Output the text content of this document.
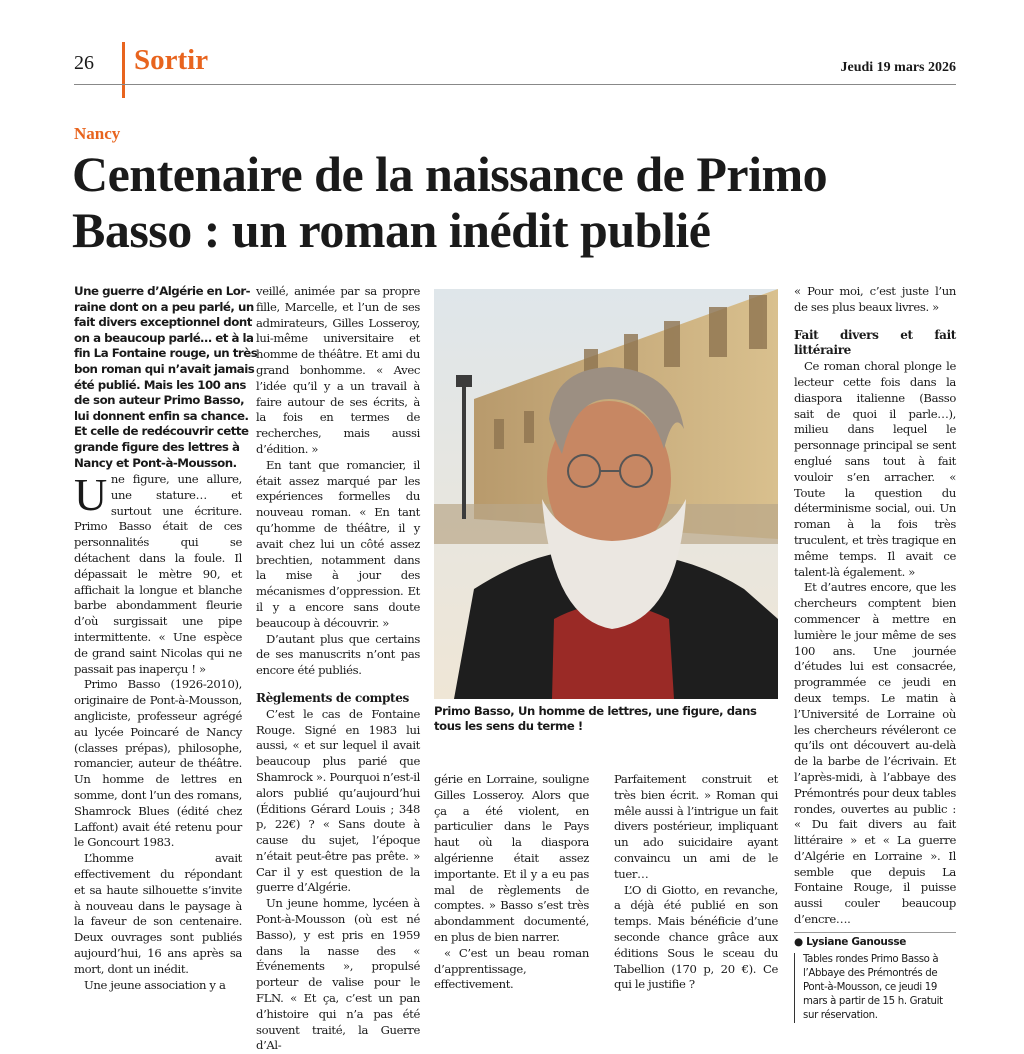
26 Sortir	Jeudi 19 mars 2026
Nancy
Centenaire de la naissance de Primo Basso : un roman inédit publié
Une guerre d’Algérie en Lor-
raine dont on a peu parlé, un
fait divers exceptionnel dont
on a beaucoup parlé… et à la
fin La Fontaine rouge, un très
bon roman qui n’avait jamais
été publié. Mais les 100 ans
de son auteur Primo Basso,
lui donnent enfin sa chance.
Et celle de redécouvrir cette
grande figure des lettres à
Nancy et Pont-à-Mousson.

Une figure, une allure, une stature… et surtout une écriture. Primo Basso était de ces personnalités qui se détachent dans la foule. Il dépassait le mètre 90, et affichait la longue et blanche barbe abondamment fleurie d’où surgissait une pipe intermittente. « Une espèce de grand saint Nicolas qui ne passait pas inaperçu ! »

Primo Basso (1926-2010), originaire de Pont-à-Mousson, angliciste, professeur agrégé au lycée Poincaré de Nancy (classes prépas), philosophe, romancier, auteur de théâtre. Un homme de lettres en somme, dont l’un des romans, Shamrock Blues (édité chez Laffont) avait été retenu pour le Goncourt 1983.

L’homme avait effectivement du répondant et sa haute silhouette s’invite à nouveau dans le paysage à la faveur de son centenaire. Deux ouvrages sont publiés aujourd’hui, 16 ans après sa mort, dont un inédit.

Une jeune association y a

veillé, animée par sa propre fille, Marcelle, et l’un de ses admirateurs, Gilles Losseroy, lui-même universitaire et homme de théâtre. Et ami du grand bonhomme. « Avec l’idée qu’il y a un travail à faire autour de ses écrits, à la fois en termes de recherches, mais aussi d’édition. »

En tant que romancier, il était assez marqué par les expériences formelles du nouveau roman. « En tant qu’homme de théâtre, il y avait chez lui un côté assez brechtien, notamment dans la mise à jour des mécanismes d’oppression. Et il y a encore sans doute beaucoup à découvrir. »

D’autant plus que certains de ses manuscrits n’ont pas encore été publiés.

Règlements de comptes

C’est le cas de Fontaine Rouge. Signé en 1983 lui aussi, « et sur lequel il avait beaucoup plus parié que Shamrock ». Pourquoi n’est-il alors publié qu’aujourd’hui (Éditions Gérard Louis ; 348 p, 22€) ? « Sans doute à cause du sujet, l’époque n’était peut-être pas prête. » Car il y est question de la guerre d’Algérie.

Un jeune homme, lycéen à Pont-à-Mousson (où est né Basso), y est pris en 1959 dans la nasse des « Événements », propulsé porteur de valise pour le FLN. « Et ça, c’est un pan d’histoire qui n’a pas été souvent traité, la Guerre d’Al-

Primo Basso, Un homme de lettres, une figure, dans tous les sens du terme !

gérie en Lorraine, souligne Gilles Losseroy. Alors que ça a été violent, en particulier dans le Pays haut où la diaspora algérienne était assez importante. Et il y a eu pas mal de règlements de comptes. » Basso s’est très abondamment documenté, en plus de bien narrer.

« C’est un beau roman d’apprentissage, effectivement.

Parfaitement construit et très bien écrit. » Roman qui mêle aussi à l’intrigue un fait divers postérieur, impliquant un ado suicidaire ayant convaincu un ami de le tuer…

L’O di Giotto, en revanche, a déjà été publié en son temps. Mais bénéficie d’une seconde chance grâce aux éditions Sous le sceau du Tabellion (170 p, 20 €). Ce qui le justifie ?

« Pour moi, c’est juste l’un de ses plus beaux livres. »

Fait divers et fait littéraire

Ce roman choral plonge le lecteur cette fois dans la diaspora italienne (Basso sait de quoi il parle…), milieu dans lequel le personnage principal se sent englué sans tout à fait vouloir s’en arracher. « Toute la question du déterminisme social, oui. Un roman à la fois très truculent, et très tragique en même temps. Il avait ce talent-là également. »

Et d’autres encore, que les chercheurs comptent bien commencer à mettre en lumière le jour même de ses 100 ans. Une journée d’études lui est consacrée, programmée ce jeudi en deux temps. Le matin à l’Université de Lorraine où les chercheurs révéleront ce qu’ils ont découvert au-delà de la barbe de l’écrivain. Et l’après-midi, à l’abbaye des Prémontrés pour deux tables rondes, ouvertes au public : « Du fait divers au fait littéraire » et « La guerre d’Algérie en Lorraine ». Il semble que depuis La Fontaine Rouge, il puisse aussi couler beaucoup d’encre….

● Lysiane Ganousse

Tables rondes Primo Basso à l’Abbaye des Prémontrés de Pont-à-Mousson, ce jeudi 19 mars à partir de 15 h. Gratuit sur réservation.
